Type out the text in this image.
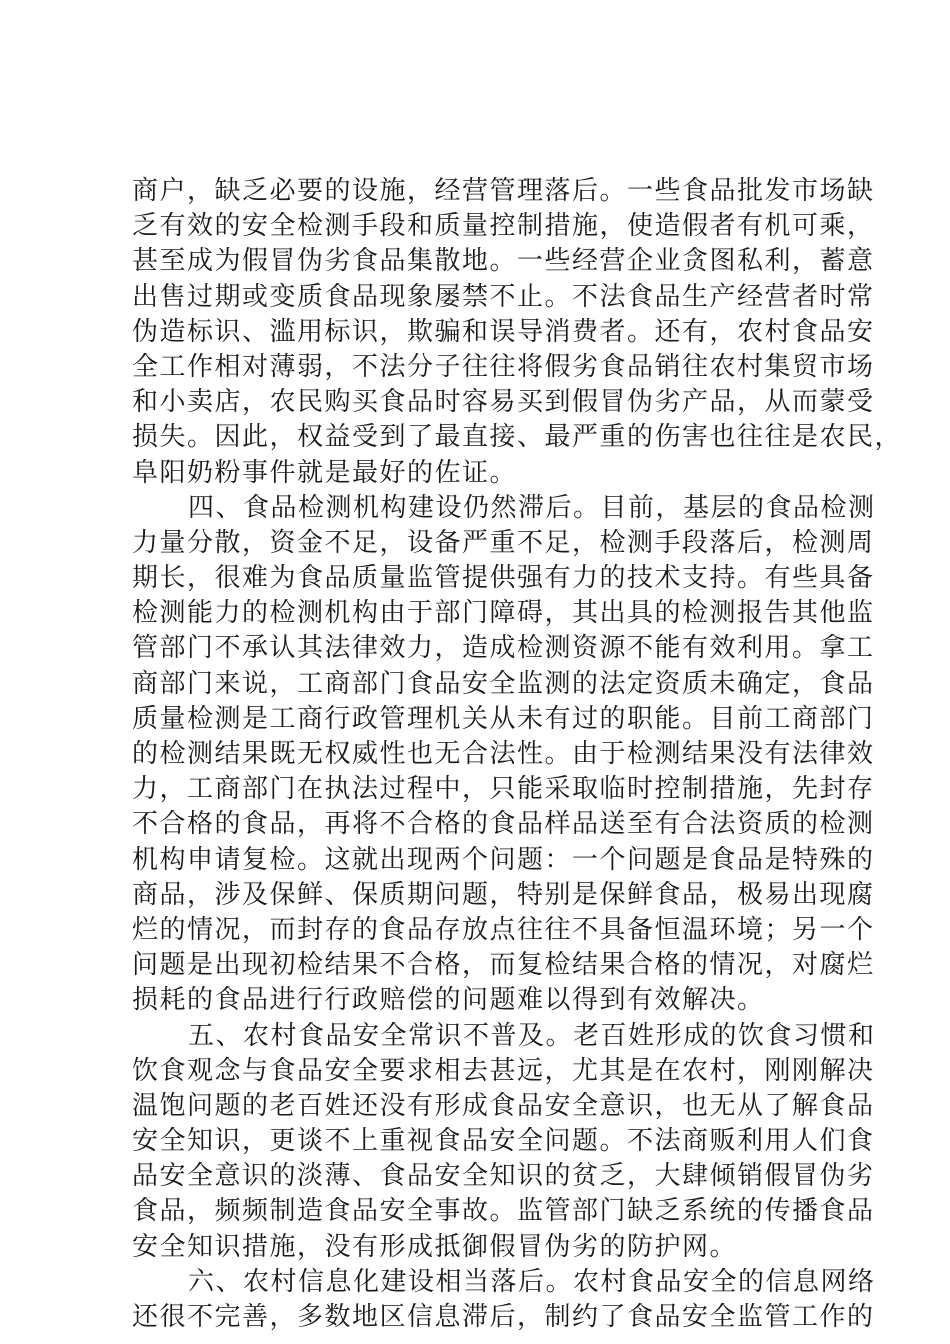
商户，缺乏必要的设施，经营管理落后。一些食品批发市场缺
乏有效的安全检测手段和质量控制措施，使造假者有机可乘，
甚至成为假冒伪劣食品集散地。一些经营企业贪图私利，蓄意
出售过期或变质食品现象屡禁不止。不法食品生产经营者时常
伪造标识、滥用标识，欺骗和误导消费者。还有，农村食品安
全工作相对薄弱，不法分子往往将假劣食品销往农村集贸市场
和小卖店，农民购买食品时容易买到假冒伪劣产品，从而蒙受
损失。因此，权益受到了最直接、最严重的伤害也往往是农民，
阜阳奶粉事件就是最好的佐证。
四、食品检测机构建设仍然滞后。目前，基层的食品检测
力量分散，资金不足，设备严重不足，检测手段落后，检测周
期长，很难为食品质量监管提供强有力的技术支持。有些具备
检测能力的检测机构由于部门障碍，其出具的检测报告其他监
管部门不承认其法律效力，造成检测资源不能有效利用。拿工
商部门来说，工商部门食品安全监测的法定资质未确定，食品
质量检测是工商行政管理机关从未有过的职能。目前工商部门
的检测结果既无权威性也无合法性。由于检测结果没有法律效
力，工商部门在执法过程中，只能采取临时控制措施，先封存
不合格的食品，再将不合格的食品样品送至有合法资质的检测
机构申请复检。这就出现两个问题：一个问题是食品是特殊的
商品，涉及保鲜、保质期问题，特别是保鲜食品，极易出现腐
烂的情况，而封存的食品存放点往往不具备恒温环境；另一个
问题是出现初检结果不合格，而复检结果合格的情况，对腐烂
损耗的食品进行行政赔偿的问题难以得到有效解决。
五、农村食品安全常识不普及。老百姓形成的饮食习惯和
饮食观念与食品安全要求相去甚远，尤其是在农村，刚刚解决
温饱问题的老百姓还没有形成食品安全意识，也无从了解食品
安全知识，更谈不上重视食品安全问题。不法商贩利用人们食
品安全意识的淡薄、食品安全知识的贫乏，大肆倾销假冒伪劣
食品，频频制造食品安全事故。监管部门缺乏系统的传播食品
安全知识措施，没有形成抵御假冒伪劣的防护网。
六、农村信息化建设相当落后。农村食品安全的信息网络
还很不完善，多数地区信息滞后，制约了食品安全监管工作的
